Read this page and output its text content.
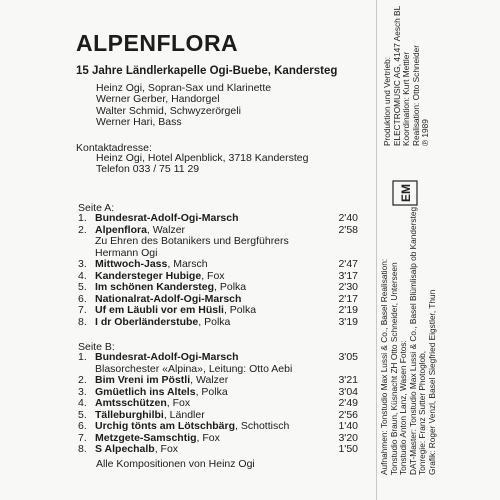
ALPENFLORA
15 Jahre Ländlerkapelle Ogi-Buebe, Kandersteg
Heinz Ogi, Sopran-Sax und Klarinette
Werner Gerber, Handorgel
Walter Schmid, Schwyzerörgeli
Werner Hari, Bass
Kontaktadresse:
Heinz Ogi, Hotel Alpenblick, 3718 Kandersteg
Telefon 033 / 75 11 29
Seite A:
1. Bundesrat-Adolf-Ogi-Marsch	2'40
2. Alpenflora, Walzer	2'58
Zu Ehren des Botanikers und Bergführers
Hermann Ogi
3. Mittwoch-Jass, Marsch	2'47
4. Kandersteger Hubige, Fox	3'17
5. Im schönen Kandersteg, Polka	2'30
6. Nationalrat-Adolf-Ogi-Marsch	2'17
7. Uf em Läubli vor em Hüsli, Polka	2'19
8. I dr Oberländerstube, Polka	3'19
Seite B:
1. Bundesrat-Adolf-Ogi-Marsch	3'05
Blasorchester «Alpina», Leitung: Otto Aebi
2. Bim Vreni im Pöstli, Walzer	3'21
3. Gmüetlich ins Altels, Polka	3'04
4. Amtsschützen, Fox	2'49
5. Tälleburghilbi, Ländler	2'56
6. Urchig tönts am Lötschbärg, Schottisch	1'40
7. Metzgete-Samschtig, Fox	3'20
8. S Alpechalb, Fox	1'50
Alle Kompositionen von Heinz Ogi
Produktion und Vertrieb: ELECTROMUSIC AG, 4147 Aesch BL Koordination: Kurt Mettler Realisation: Otto Schneider ℗ 1989
EM
Aufnahmen: Tonstudio Max Lussi & Co., Basel Realisation: Tonstudio Braun, Küsnacht ZH Otto Schneider, Unterseen Tonstudio Anton Lanz, Wasen Fotos: DAT-Master: Tonstudio Max Lussi & Co., Basel Blümlisalp ob Kandersteg Tonregie: Franz Sutter Photoglob, Grafik: Roger Venzl, Basel Siegfried Eigstler, Thun
